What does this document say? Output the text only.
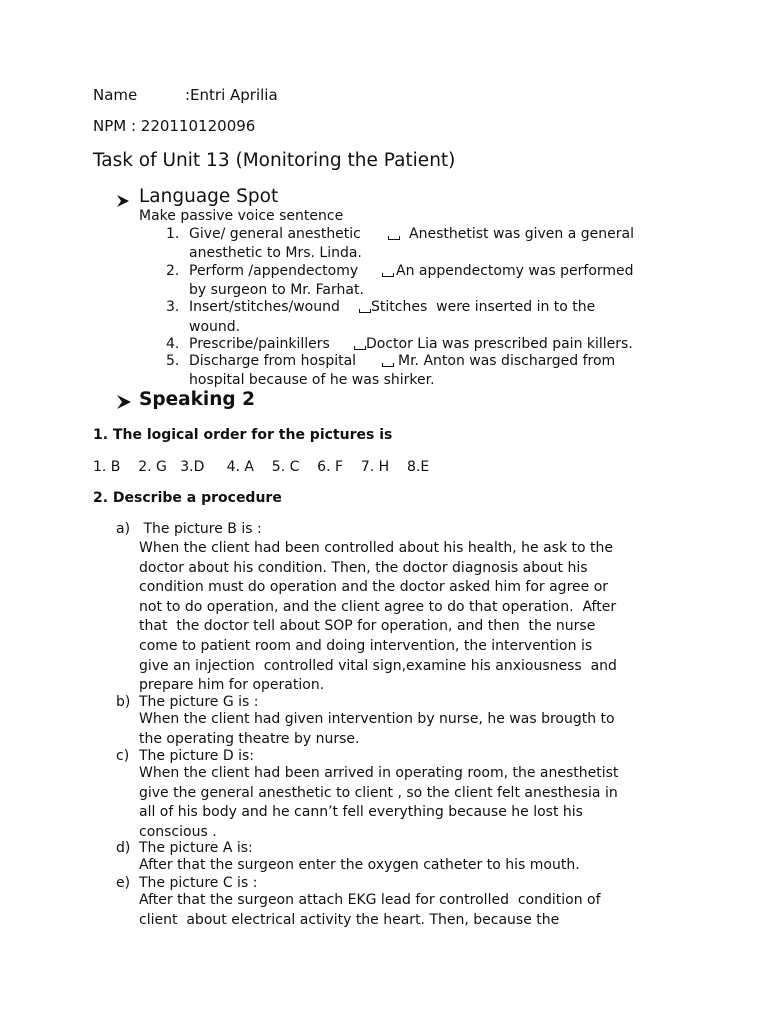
Name	:Entri Aprilia
NPM : 220110120096
Task of Unit 13 (Monitoring the Patient)
Language Spot
Make passive voice sentence
1. Give/ general anesthetic	Anesthetist was given a general
anesthetic to Mrs. Linda.
2. Perform /appendectomy	An appendectomy was performed
by surgeon to Mr. Farhat.
3. Insert/stitches/wound Stitches  were inserted in to the
wound.
4. Prescribe/painkillers	Doctor Lia was prescribed pain killers.
5. Discharge from hospital	Mr. Anton was discharged from
hospital because of he was shirker.
Speaking 2
1. The logical order for the pictures is
1. B    2. G   3.D     4. A    5. C    6. F    7. H    8.E
2. Describe a procedure
a) The picture B is :
When the client had been controlled about his health, he ask to the
doctor about his condition. Then, the doctor diagnosis about his
condition must do operation and the doctor asked him for agree or
not to do operation, and the client agree to do that operation.  After
that  the doctor tell about SOP for operation, and then  the nurse
come to patient room and doing intervention, the intervention is
give an injection  controlled vital sign,examine his anxiousness  and
prepare him for operation.
b) The picture G is :
When the client had given intervention by nurse, he was brougth to
the operating theatre by nurse.
c) The picture D is:
When the client had been arrived in operating room, the anesthetist
give the general anesthetic to client , so the client felt anesthesia in
all of his body and he cann’t fell everything because he lost his
conscious .
d) The picture A is:
After that the surgeon enter the oxygen catheter to his mouth.
e) The picture C is :
After that the surgeon attach EKG lead for controlled  condition of
client  about electrical activity the heart. Then, because the
